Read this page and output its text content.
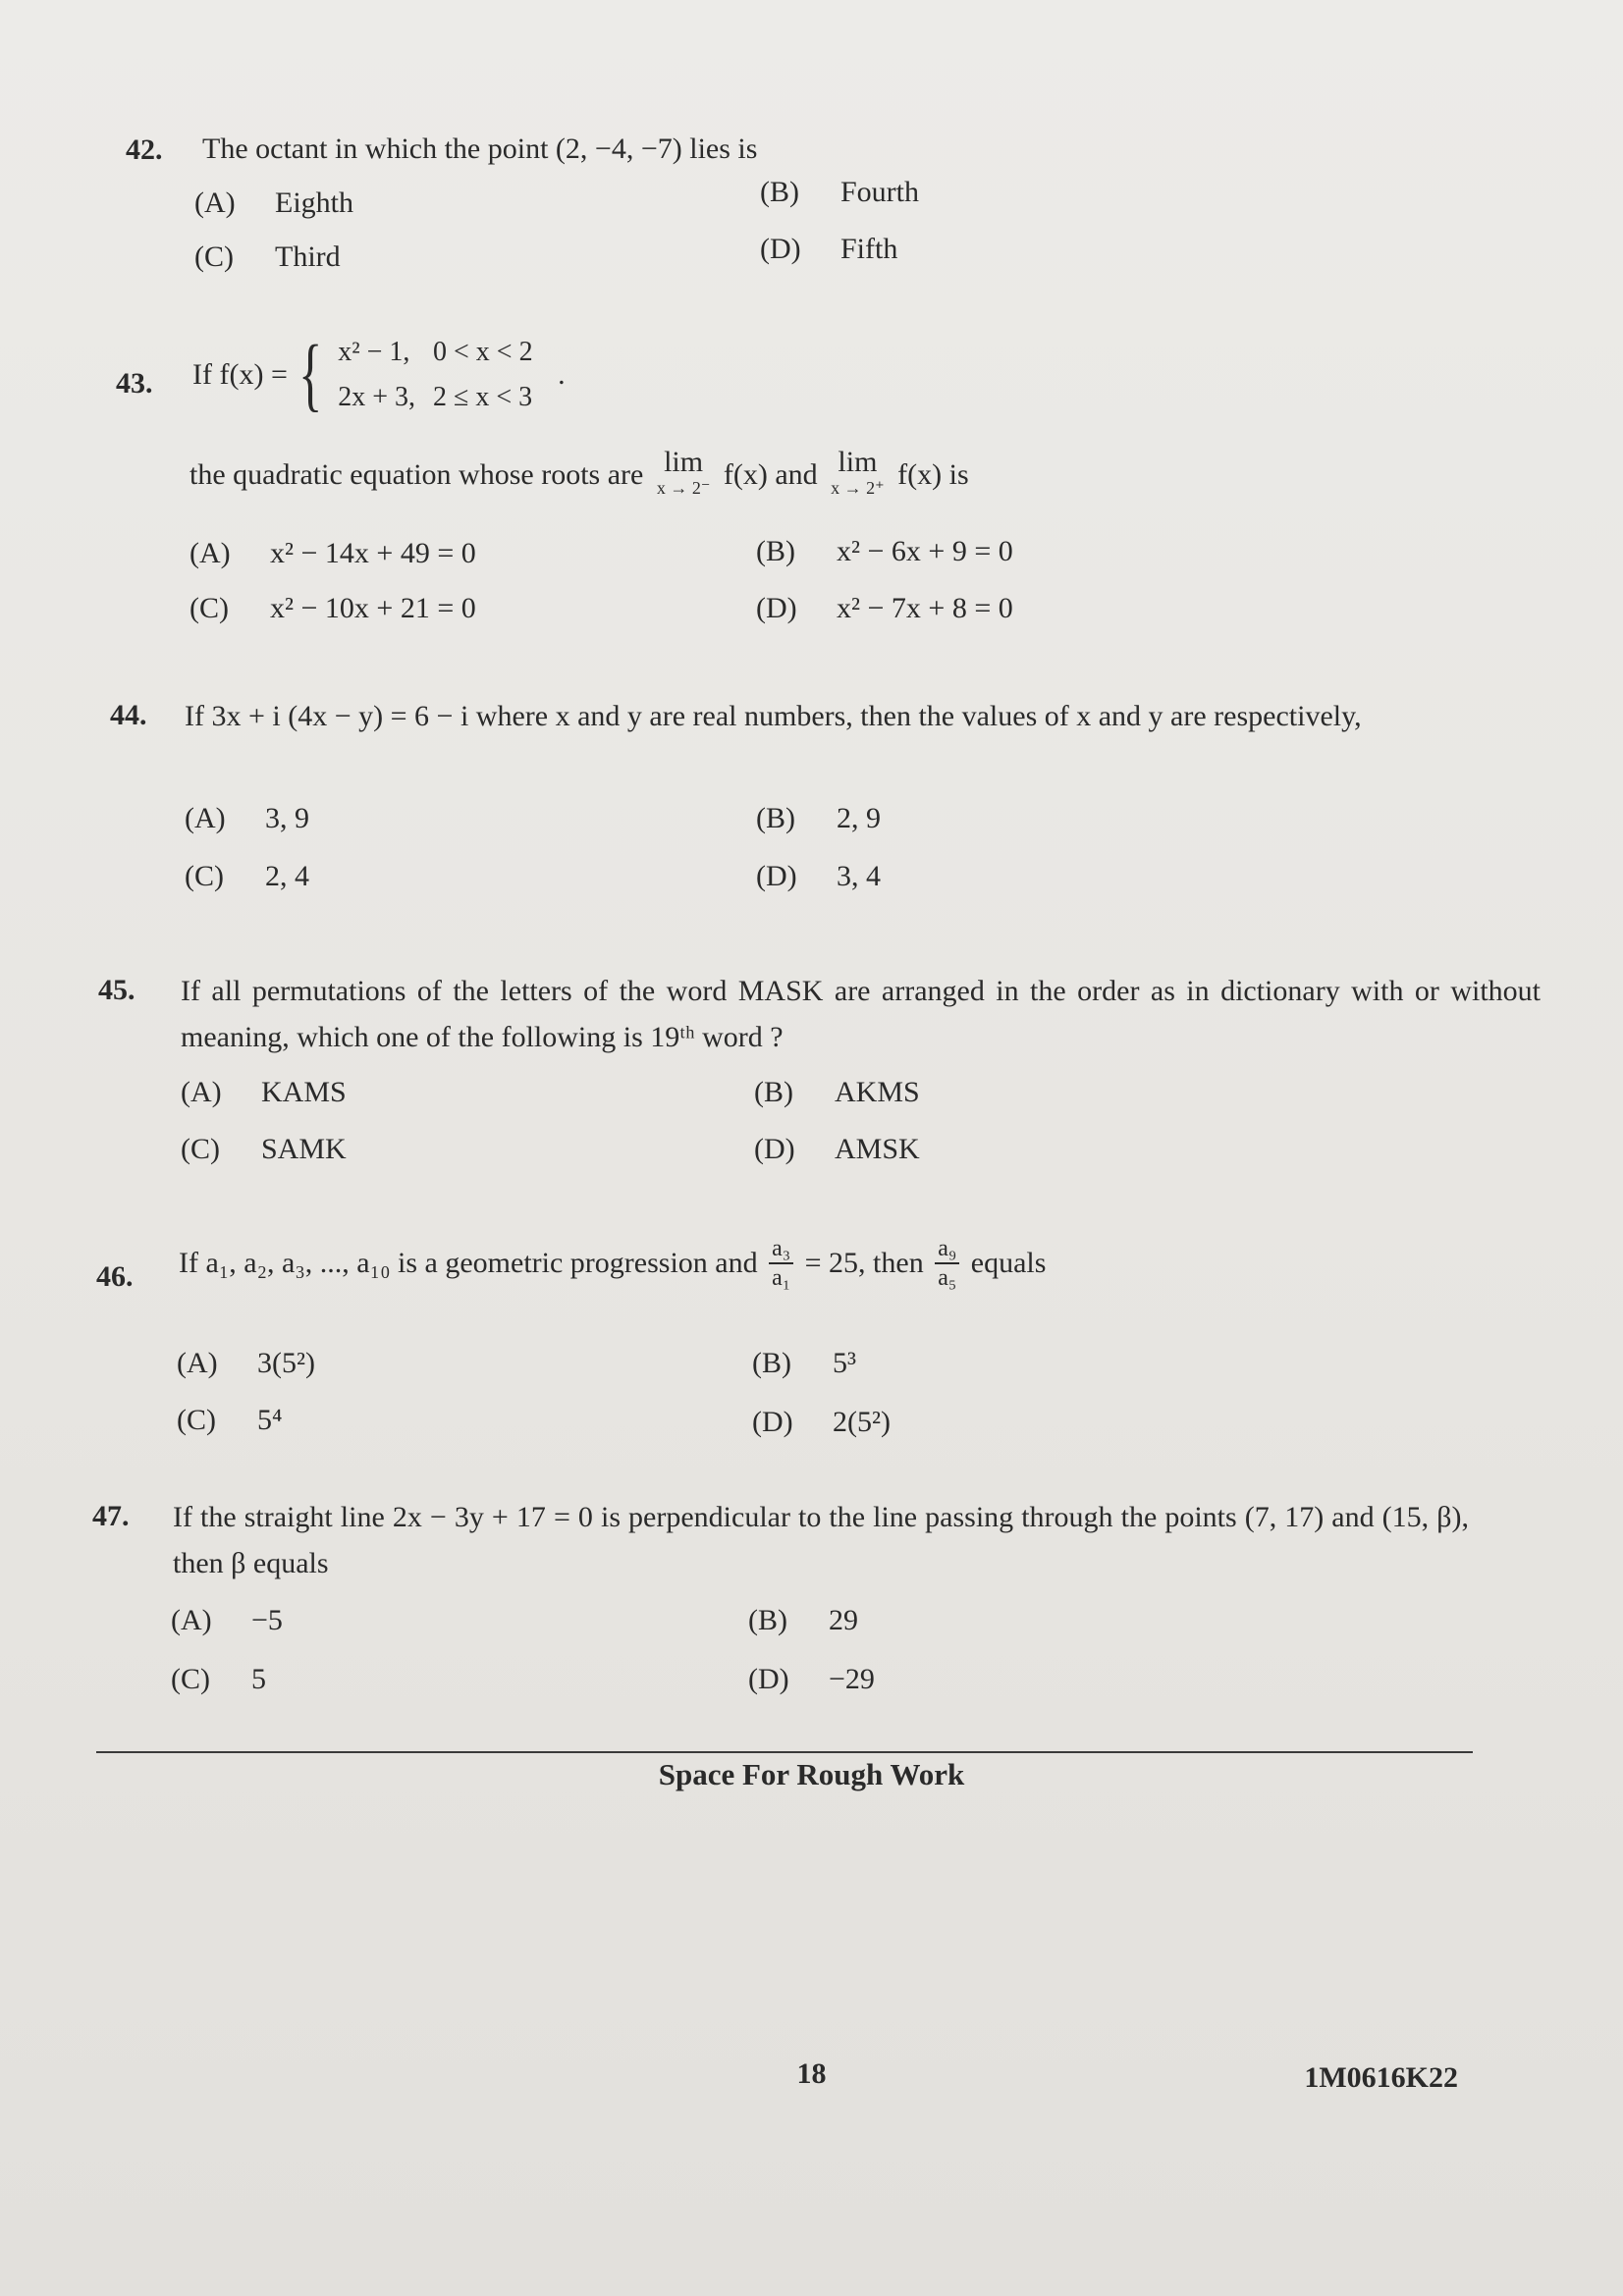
42. The octant in which the point (2, −4, −7) lies is
(A) Eighth	(B) Fourth
(C) Third	(D) Fifth
43. If f(x) = { x² − 1,	0 < x < 2
2x + 3,	2 ≤ x < 3 .
the quadratic equation whose roots are lim
x → 2⁻ f(x) and lim
x → 2⁺ f(x) is
(A) x² − 14x + 49 = 0	(B) x² − 6x + 9 = 0
(C) x² − 10x + 21 = 0	(D) x² − 7x + 8 = 0
44. If 3x + i (4x − y) = 6 − i where x and y are real numbers, then the values of x and y are respectively,
(A) 3, 9	(B) 2, 9
(C) 2, 4	(D) 3, 4
45. If all permutations of the letters of the word MASK are arranged in the order as in dictionary with or without meaning, which one of the following is 19ᵗʰ word ?
(A) KAMS	(B) AKMS
(C) SAMK	(D) AMSK
46. If a₁, a₂, a₃, ..., a₁₀ is a geometric progression and $\frac{\text{a₃}}{\text{a₁}} = 25$, then $\frac{\text{a₉}}{\text{a₅}}$ equals
(A) 3(5²)	(B) 5³
(C) 5⁴	(D) 2(5²)
47. If the straight line 2x − 3y + 17 = 0 is perpendicular to the line passing through the points (7, 17) and (15, β), then β equals
(A) −5	(B) 29
(C) 5	(D) −29
Space For Rough Work
18	1M0616K22
